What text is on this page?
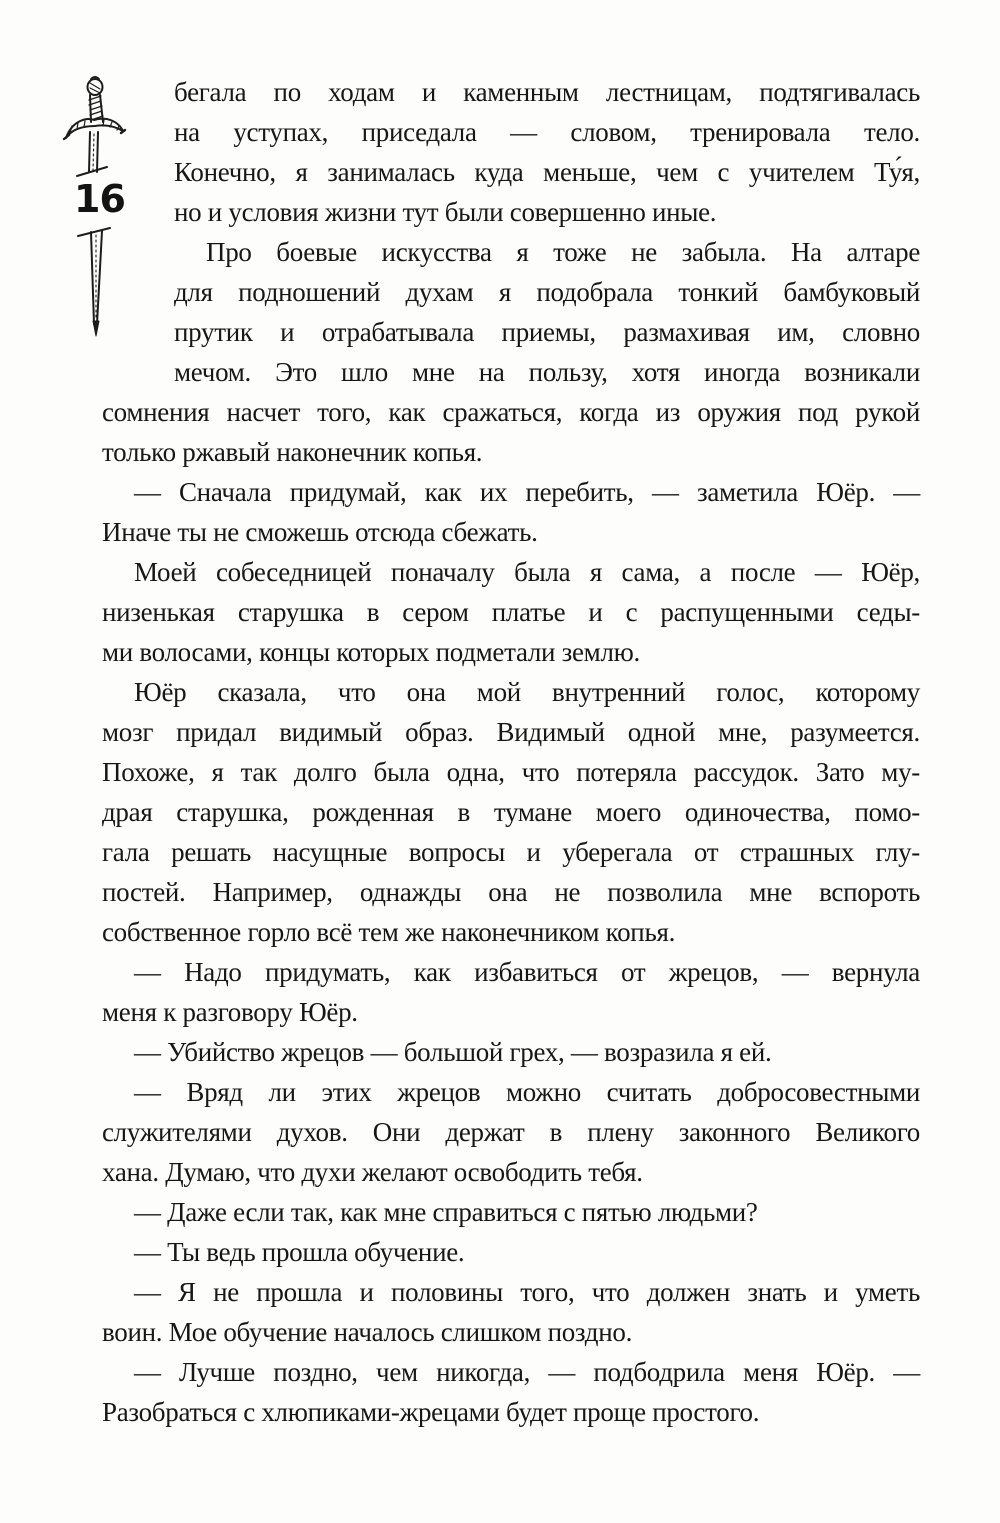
16
бегала по ходам и каменным лестницам, подтягивалась
на уступах, приседала — словом, тренировала тело.
Конечно, я занималась куда меньше, чем с учителем Ту́я,
но и условия жизни тут были совершенно иные.
Про боевые искусства я тоже не забыла. На алтаре
для подношений духам я подобрала тонкий бамбуковый
прутик и отрабатывала приемы, размахивая им, словно
мечом. Это шло мне на пользу, хотя иногда возникали
сомнения насчет того, как сражаться, когда из оружия под рукой
только ржавый наконечник копья.
— Сначала придумай, как их перебить, — заметила Юёр. —
Иначе ты не сможешь отсюда сбежать.
Моей собеседницей поначалу была я сама, а после — Юёр,
низенькая старушка в сером платье и с распущенными седы-
ми волосами, концы которых подметали землю.
Юёр сказала, что она мой внутренний голос, которому
мозг придал видимый образ. Видимый одной мне, разумеется.
Похоже, я так долго была одна, что потеряла рассудок. Зато му-
драя старушка, рожденная в тумане моего одиночества, помо-
гала решать насущные вопросы и уберегала от страшных глу-
постей. Например, однажды она не позволила мне вспороть
собственное горло всё тем же наконечником копья.
— Надо придумать, как избавиться от жрецов, — вернула
меня к разговору Юёр.
— Убийство жрецов — большой грех, — возразила я ей.
— Вряд ли этих жрецов можно считать добросовестными
служителями духов. Они держат в плену законного Великого
хана. Думаю, что духи желают освободить тебя.
— Даже если так, как мне справиться с пятью людьми?
— Ты ведь прошла обучение.
— Я не прошла и половины того, что должен знать и уметь
воин. Мое обучение началось слишком поздно.
— Лучше поздно, чем никогда, — подбодрила меня Юёр. —
Разобраться с хлюпиками-жрецами будет проще простого.
